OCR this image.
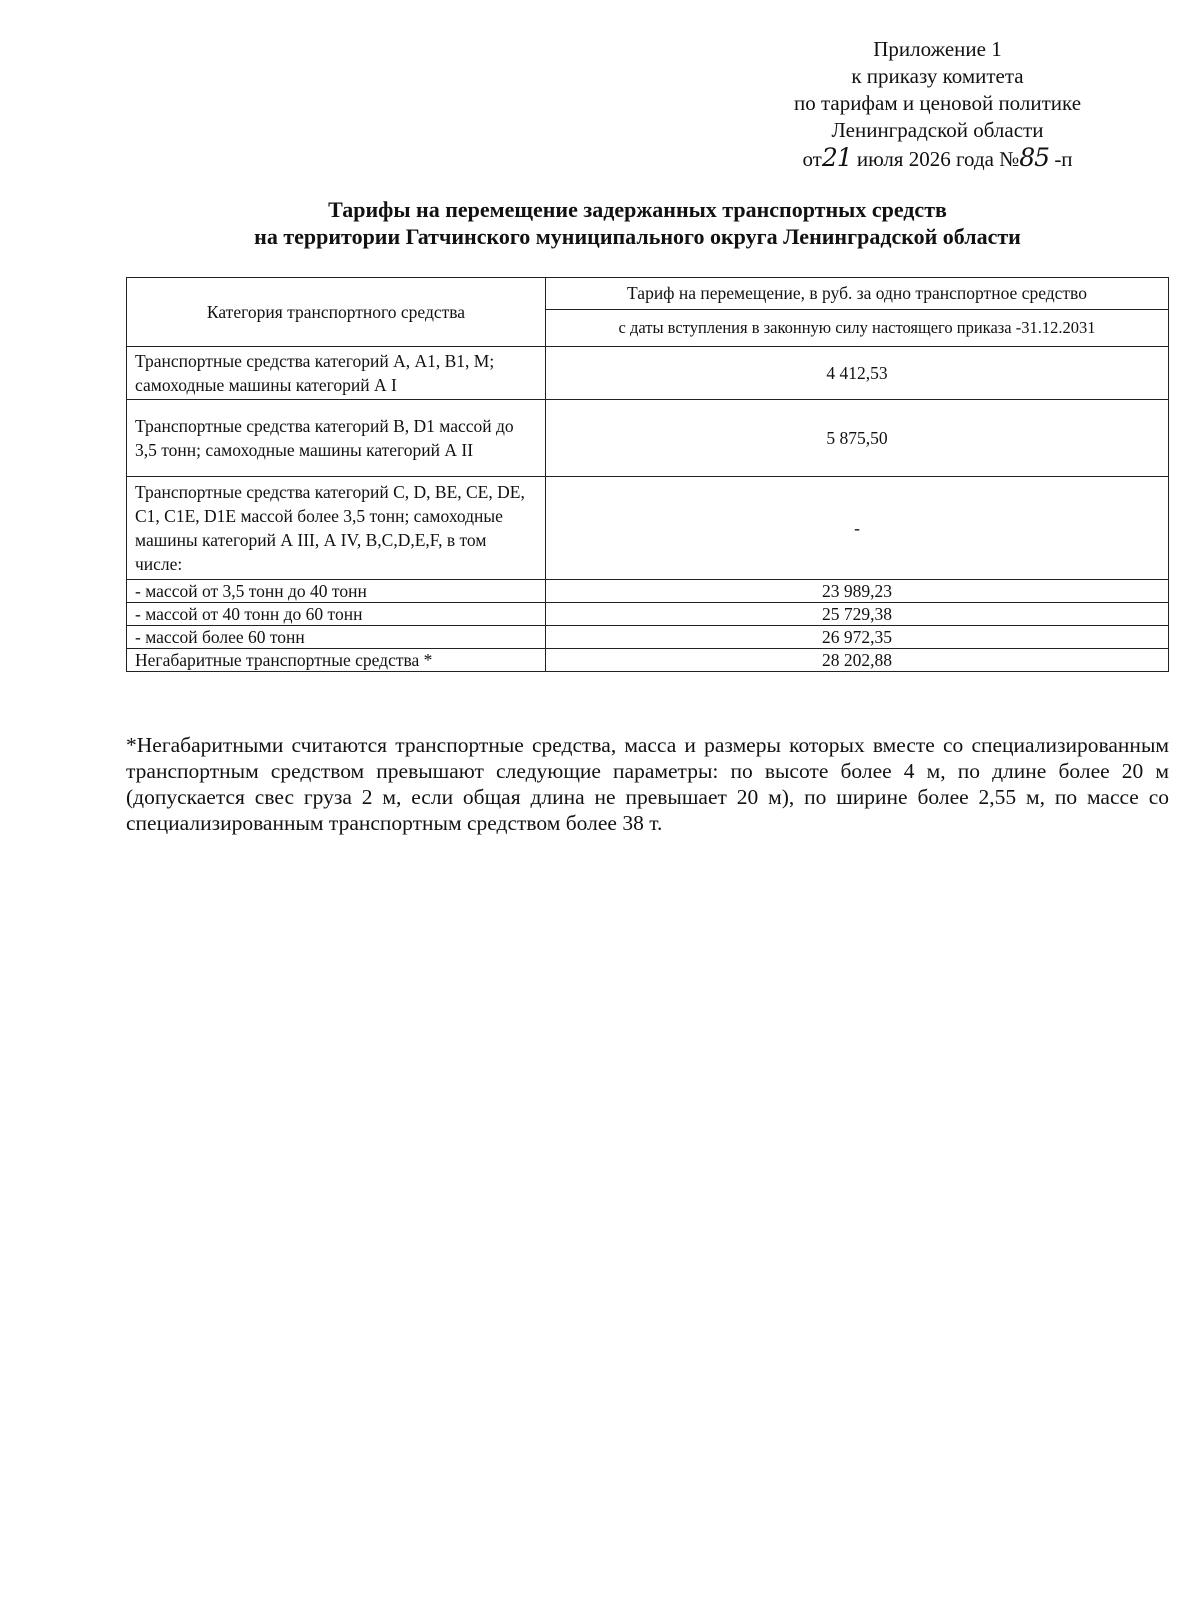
Приложение 1
к приказу комитета
по тарифам и ценовой политике
Ленинградской области
от21 июля 2026 года №85 -п
Тарифы на перемещение задержанных транспортных средств
на территории Гатчинского муниципального округа Ленинградской области
Категория транспортного средства	Тариф на перемещение, в руб. за одно транспортное средство
	с даты вступления в законную силу настоящего приказа -31.12.2031
Транспортные средства категорий А, А1, В1, М; самоходные машины категорий А I	4 412,53
Транспортные средства категорий В, D1 массой до 3,5 тонн; самоходные машины категорий А II	5 875,50
Транспортные средства категорий С, D, ВЕ, СЕ, DЕ, С1, С1Е, D1Е массой более 3,5 тонн; самоходные машины категорий А III, А IV, В,С,D,Е,F, в том числе:	-
- массой от 3,5 тонн до 40 тонн	23 989,23
- массой от 40 тонн до 60 тонн	25 729,38
- массой более 60 тонн	26 972,35
Негабаритные транспортные средства *	28 202,88

*Негабаритными считаются транспортные средства, масса и размеры которых вместе со специализированным транспортным средством превышают следующие параметры: по высоте более 4 м, по длине более 20 м (допускается свес груза 2 м, если общая длина не превышает 20 м), по ширине более 2,55 м, по массе со специализированным транспортным средством более 38 т.
